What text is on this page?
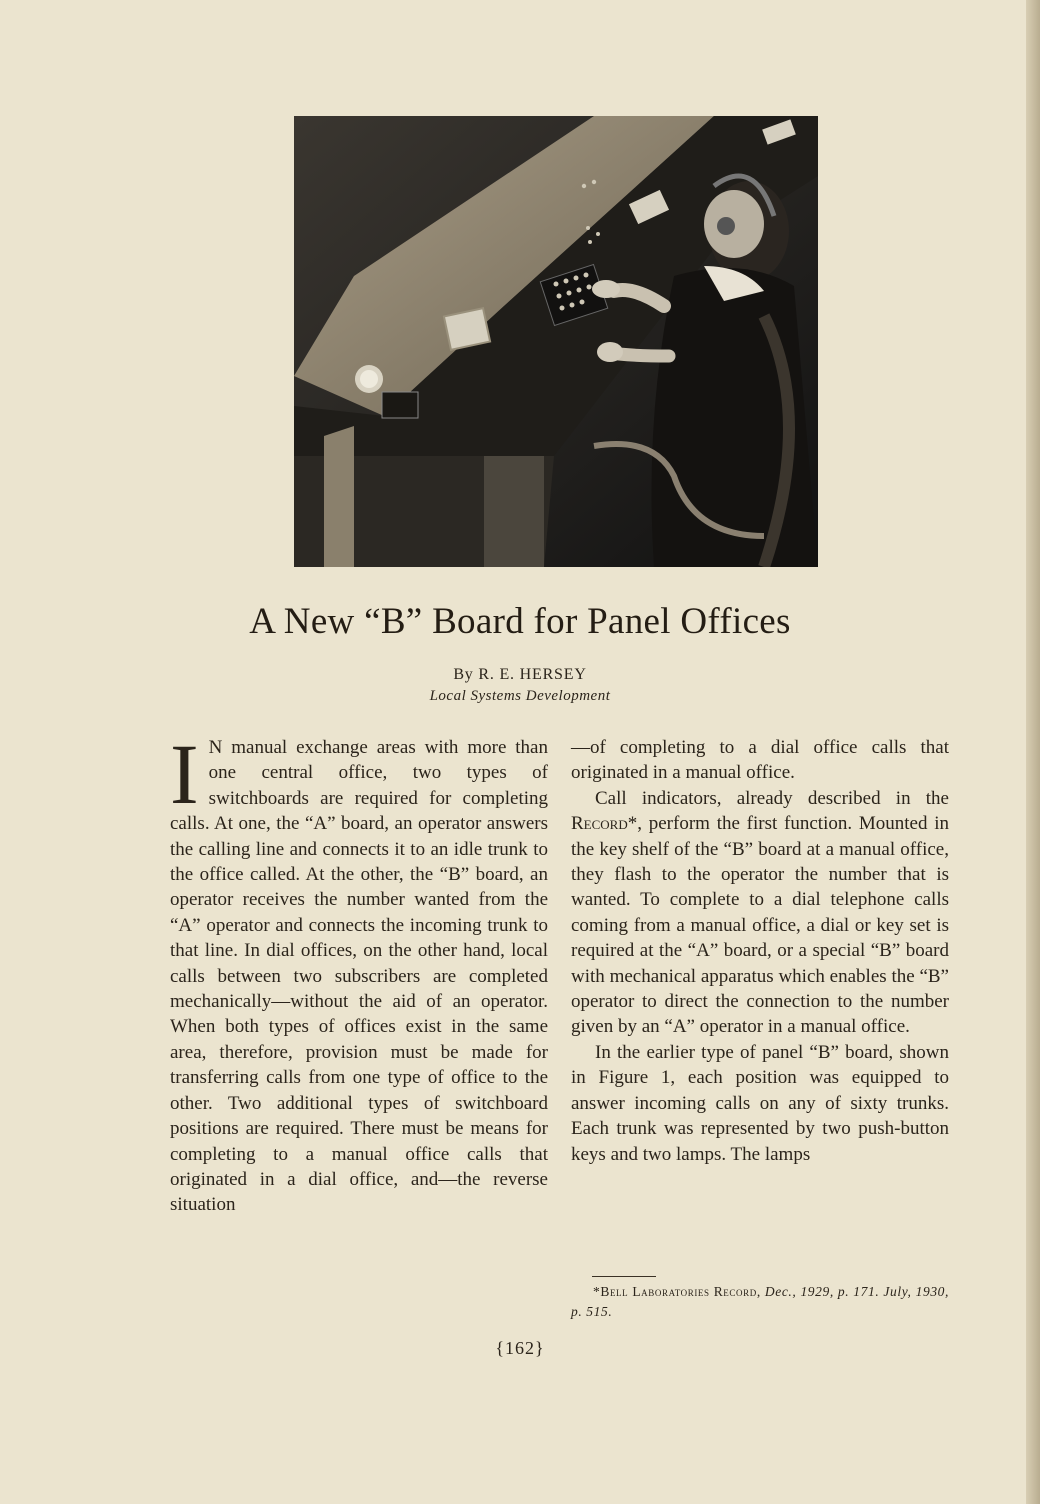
A New “B” Board for Panel Offices
By R. E. HERSEY
Local Systems Development

I N manual exchange areas with more than one central office, two types of switchboards are required for completing calls. At one, the “A” board, an operator answers the calling line and connects it to an idle trunk to the office called. At the other, the “B” board, an operator receives the number wanted from the “A” operator and connects the incoming trunk to that line. In dial offices, on the other hand, local calls between two subscribers are completed mechanically—without the aid of an operator. When both types of offices exist in the same area, therefore, provision must be made for transferring calls from one type of office to the other. Two additional types of switchboard positions are required. There must be means for completing to a manual office calls that originated in a dial office, and—the reverse situation

—of completing to a dial office calls that originated in a manual office.

Call indicators, already described in the Record*, perform the first function. Mounted in the key shelf of the “B” board at a manual office, they flash to the operator the number that is wanted. To complete to a dial telephone calls coming from a manual office, a dial or key set is required at the “A” board, or a special “B” board with mechanical apparatus which enables the “B” operator to direct the connection to the number given by an “A” operator in a manual office.

In the earlier type of panel “B” board, shown in Figure 1, each position was equipped to answer incoming calls on any of sixty trunks. Each trunk was represented by two push-button keys and two lamps. The lamps

*Bell Laboratories Record, Dec., 1929, p. 171. July, 1930, p. 515.

{162}
